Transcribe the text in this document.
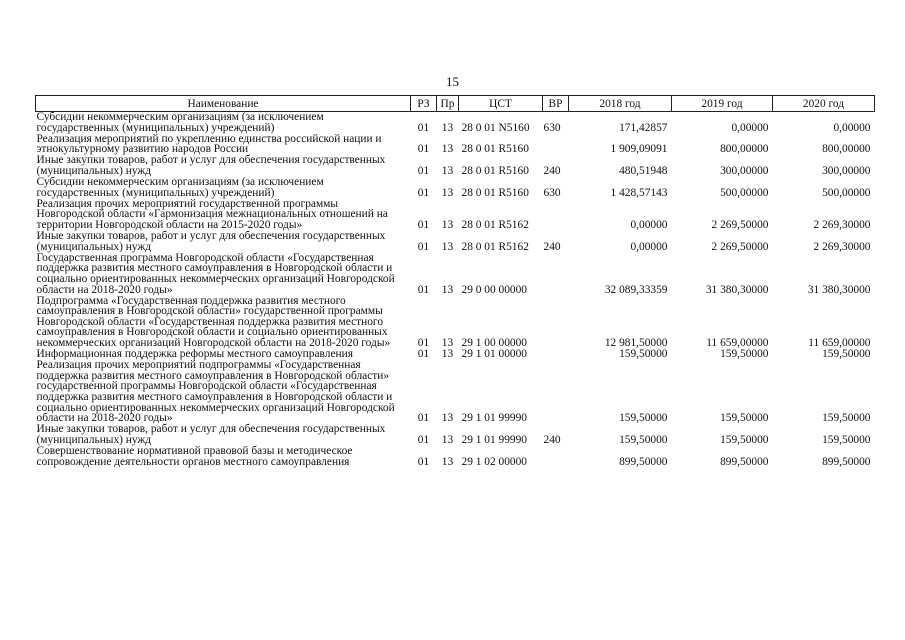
15
Наименование	РЗ	Пр	ЦСТ	ВР	2018 год	2019 год	2020 год
Субсидии некоммерческим организациям (за исключением государственных (муниципальных) учреждений)	01	13	28 0 01 N5160	630	171,42857	0,00000	0,00000
Реализация мероприятий по укреплению единства российской нации и этнокультурному развитию народов России	01	13	28 0 01 R5160		1 909,09091	800,00000	800,00000
Иные закупки товаров, работ и услуг для обеспечения государственных (муниципальных) нужд	01	13	28 0 01 R5160	240	480,51948	300,00000	300,00000
Субсидии некоммерческим организациям (за исключением государственных (муниципальных) учреждений)	01	13	28 0 01 R5160	630	1 428,57143	500,00000	500,00000
Реализация прочих мероприятий государственной программы Новгородской области «Гармонизация межнациональных отношений на территории Новгородской области на 2015-2020 годы»	01	13	28 0 01 R5162		0,00000	2 269,50000	2 269,30000
Иные закупки товаров, работ и услуг для обеспечения государственных (муниципальных) нужд	01	13	28 0 01 R5162	240	0,00000	2 269,50000	2 269,30000
Государственная программа Новгородской области «Государственная поддержка развития местного самоуправления в Новгородской области и социально ориентированных некоммерческих организаций Новгородской области на 2018-2020 годы»	01	13	29 0 00 00000		32 089,33359	31 380,30000	31 380,30000
Подпрограмма «Государственная поддержка развития местного самоуправления в Новгородской области» государственной программы Новгородской области «Государственная поддержка развития местного самоуправления в Новгородской области и социально ориентированных некоммерческих организаций Новгородской области на 2018-2020 годы»	01	13	29 1 00 00000		12 981,50000	11 659,00000	11 659,00000
Информационная поддержка реформы местного самоуправления	01	13	29 1 01 00000		159,50000	159,50000	159,50000
Реализация прочих мероприятий подпрограммы «Государственная поддержка развития местного самоуправления в Новгородской области» государственной программы Новгородской области «Государственная поддержка развития местного самоуправления в Новгородской области и социально ориентированных некоммерческих организаций Новгородской области на 2018-2020 годы»	01	13	29 1 01 99990		159,50000	159,50000	159,50000
Иные закупки товаров, работ и услуг для обеспечения государственных (муниципальных) нужд	01	13	29 1 01 99990	240	159,50000	159,50000	159,50000
Совершенствование нормативной правовой базы и методическое сопровождение деятельности органов местного самоуправления	01	13	29 1 02 00000		899,50000	899,50000	899,50000
